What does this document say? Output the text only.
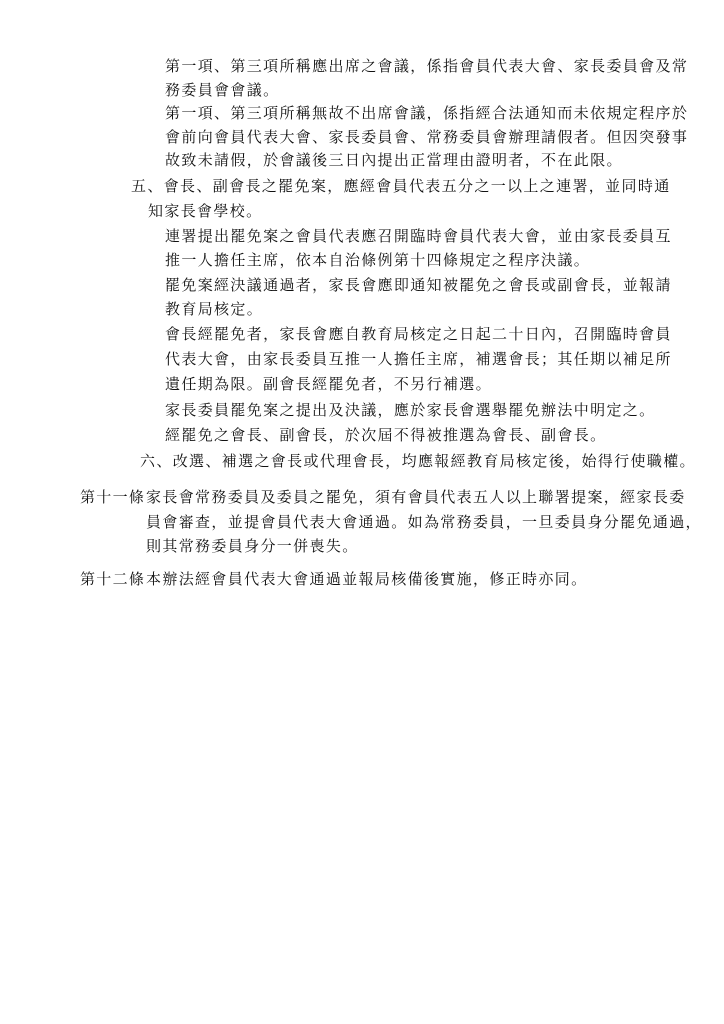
第一項、第三項所稱應出席之會議，係指會員代表大會、家長委員會及常
務委員會會議。
第一項、第三項所稱無故不出席會議，係指經合法通知而未依規定程序於
會前向會員代表大會、家長委員會、常務委員會辦理請假者。但因突發事
故致未請假，於會議後三日內提出正當理由證明者，不在此限。
五、會長、副會長之罷免案，應經會員代表五分之一以上之連署，並同時通
知家長會學校。
連署提出罷免案之會員代表應召開臨時會員代表大會，並由家長委員互
推一人擔任主席，依本自治條例第十四條規定之程序決議。
罷免案經決議通過者，家長會應即通知被罷免之會長或副會長，並報請
教育局核定。
會長經罷免者，家長會應自教育局核定之日起二十日內，召開臨時會員
代表大會，由家長委員互推一人擔任主席，補選會長；其任期以補足所
遺任期為限。副會長經罷免者，不另行補選。
家長委員罷免案之提出及決議，應於家長會選舉罷免辦法中明定之。
經罷免之會長、副會長，於次屆不得被推選為會長、副會長。
六、改選、補選之會長或代理會長，均應報經教育局核定後，始得行使職權。
第十一條 家長會常務委員及委員之罷免，須有會員代表五人以上聯署提案，經家長委
員會審查，並提會員代表大會通過。如為常務委員，一旦委員身分罷免通過，
則其常務委員身分一併喪失。
第十二條 本辦法經會員代表大會通過並報局核備後實施，修正時亦同。
